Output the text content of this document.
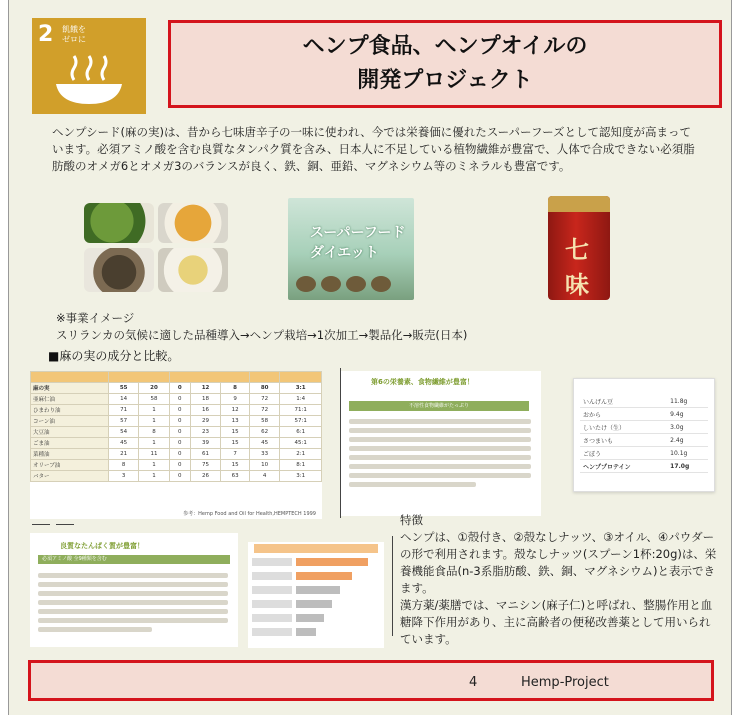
2 飢餓を
ゼロに	ヘンプ食品、ヘンプオイルの
開発プロジェクト
ヘンプシード(麻の実)は、昔から七味唐辛子の一味に使われ、今では栄養価に優れたスーパーフーズとして認知度が高まっています。必須アミノ酸を含む良質なタンパク質を含み、日本人に不足している植物繊維が豊富で、人体で合成できない必須脂肪酸のオメガ6とオメガ3のバランスが良く、鉄、銅、亜鉛、マグネシウム等のミネラルも豊富です。
スーパーフード ダイエット	七味
※事業イメージ
スリランカの気候に適した品種導入→ヘンプ栽培→1次加工→製品化→販売(日本)
■麻の実の成分と比較。

麻の実	55	20	0	12	8	80	3:1
亜麻仁油	14	58	0	18	9	72	1:4
ひまわり油	71	1	0	16	12	72	71:1
コーン油	57	1	0	29	13	58	57:1
大豆油	54	8	0	23	15	62	6:1
ごま油	45	1	0	39	15	45	45:1
菜種油	21	11	0	61	7	33	2:1
オリーブ油	8	1	0	75	15	10	8:1
バター	3	1	0	26	63	4	3:1
参考：Hemp Food and Oil for Health,HEMPTECH 1999
第6の栄養素、食物繊維が豊富！
不溶性食物繊維がたっぷり
いんげん豆	11.8g
おから	9.4g
しいたけ（生）	3.0g
さつまいも	2.4g
ごぼう	10.1g
ヘンププロテイン	17.0g
良質なたんぱく質が豊富！
必須アミノ酸 全9種類を含む
特徴
ヘンプは、①殻付き、②殻なしナッツ、③オイル、④パウダーの形で利用されます。殻なしナッツ(スプーン1杯:20g)は、栄養機能食品(n-3系脂肪酸、鉄、銅、マグネシウム)と表示できます。
漢方薬/薬膳では、マニシン(麻子仁)と呼ばれ、整腸作用と血糖降下作用があり、主に高齢者の便秘改善薬として用いられています。
4	Hemp-Project
